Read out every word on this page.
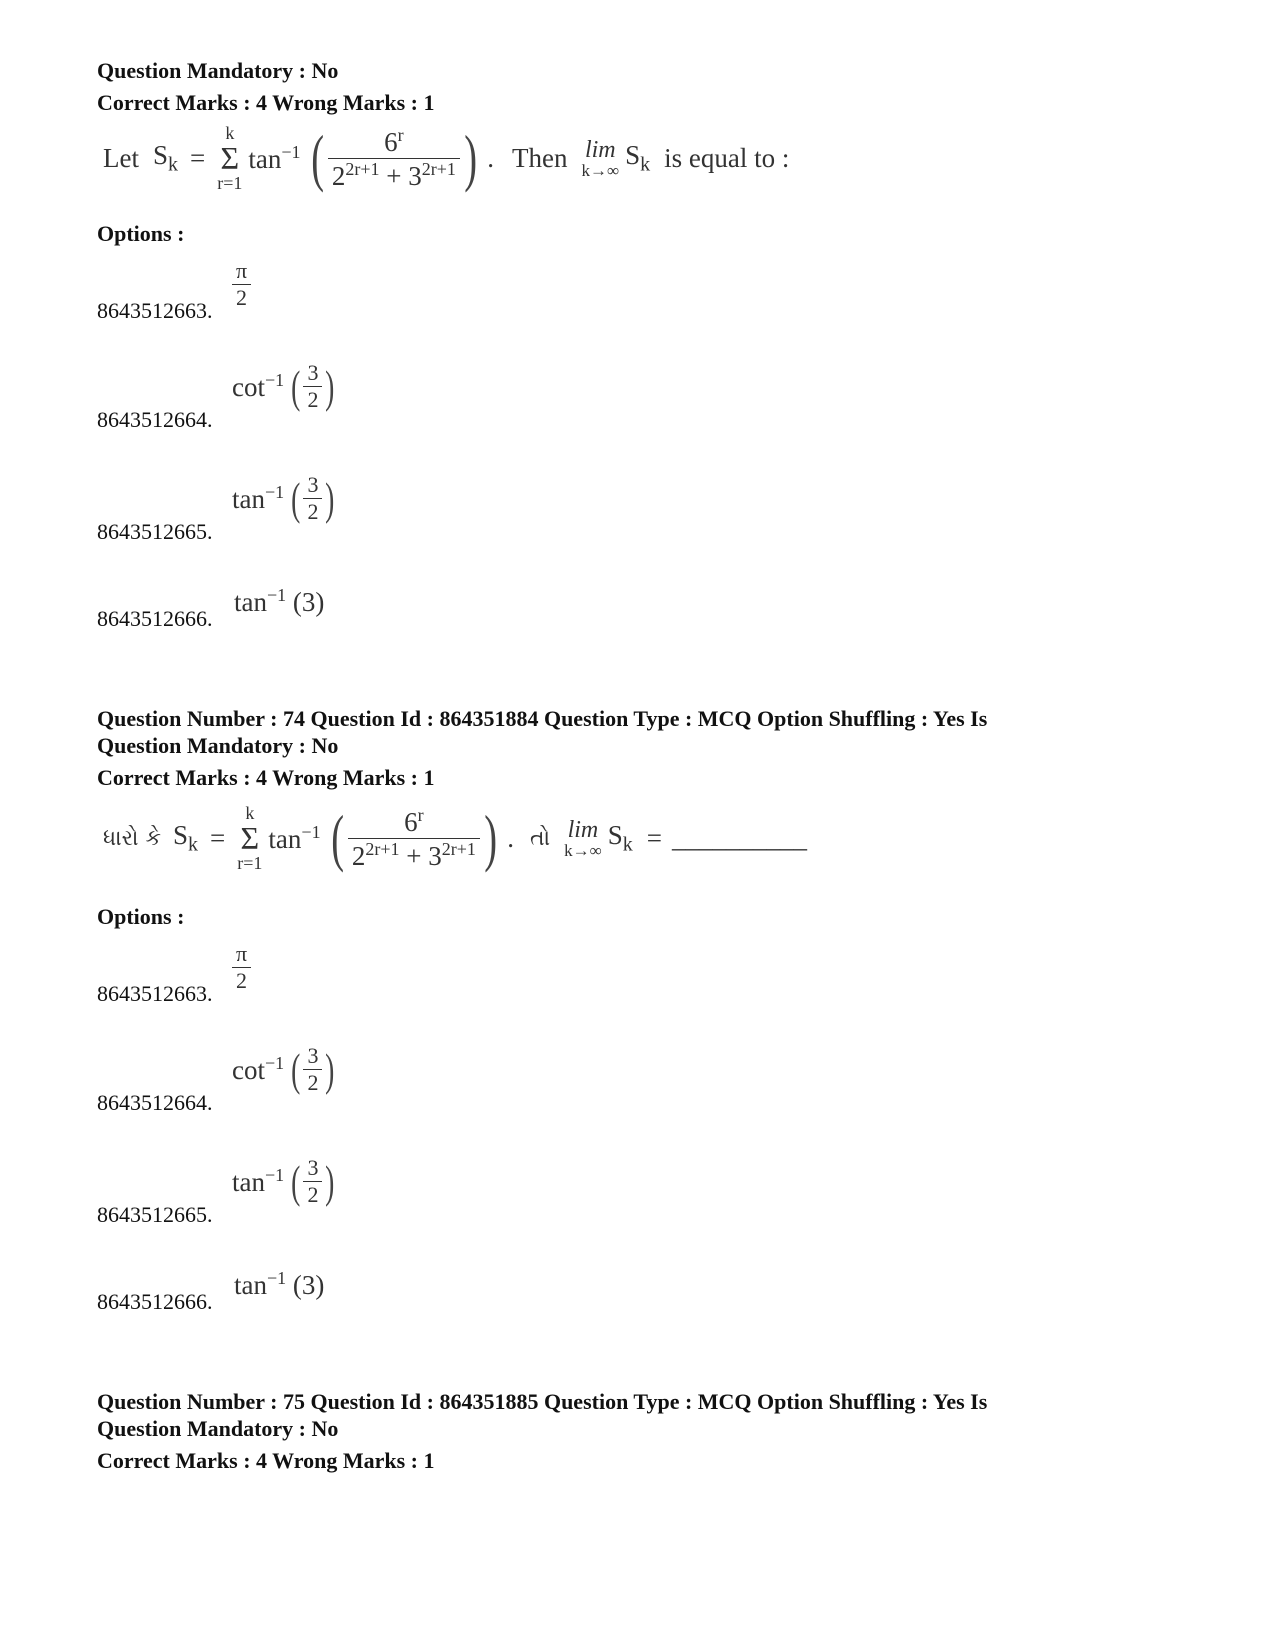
Question Mandatory : No
Correct Marks : 4 Wrong Marks : 1
Let $S_k$ =
k
Σ
r=1
$\tan^{-1}$ ( $\frac{6^r}{2^{2r+1} + 3^{2r+1}}$ ) . Then lim
k→∞
$S_k$ is equal to :
Options :
8643512663. $\frac{\pi}{2}$
8643512664.
$\cot^{-1}$ ( $\frac{3}{2}$ )
8643512665.
$\tan^{-1}$ ( $\frac{3}{2}$ )
8643512666.
$\tan^{-1} (3)$
Question Number : 74 Question Id : 864351884 Question Type : MCQ Option Shuffling : Yes Is
Question Mandatory : No
Correct Marks : 4 Wrong Marks : 1
ધારો કે $S_k$ =
k
Σ
r=1
$\tan^{-1}$ ( $\frac{6^r}{2^{2r+1} + 3^{2r+1}}$ ) . તો lim
k→∞
$S_k$ = __________
Options :
8643512663. $\frac{\pi}{2}$
8643512664.
$\cot^{-1}$ ( $\frac{3}{2}$ )
8643512665.
$\tan^{-1}$ ( $\frac{3}{2}$ )
8643512666.
$\tan^{-1} (3)$
Question Number : 75 Question Id : 864351885 Question Type : MCQ Option Shuffling : Yes Is
Question Mandatory : No
Correct Marks : 4 Wrong Marks : 1
